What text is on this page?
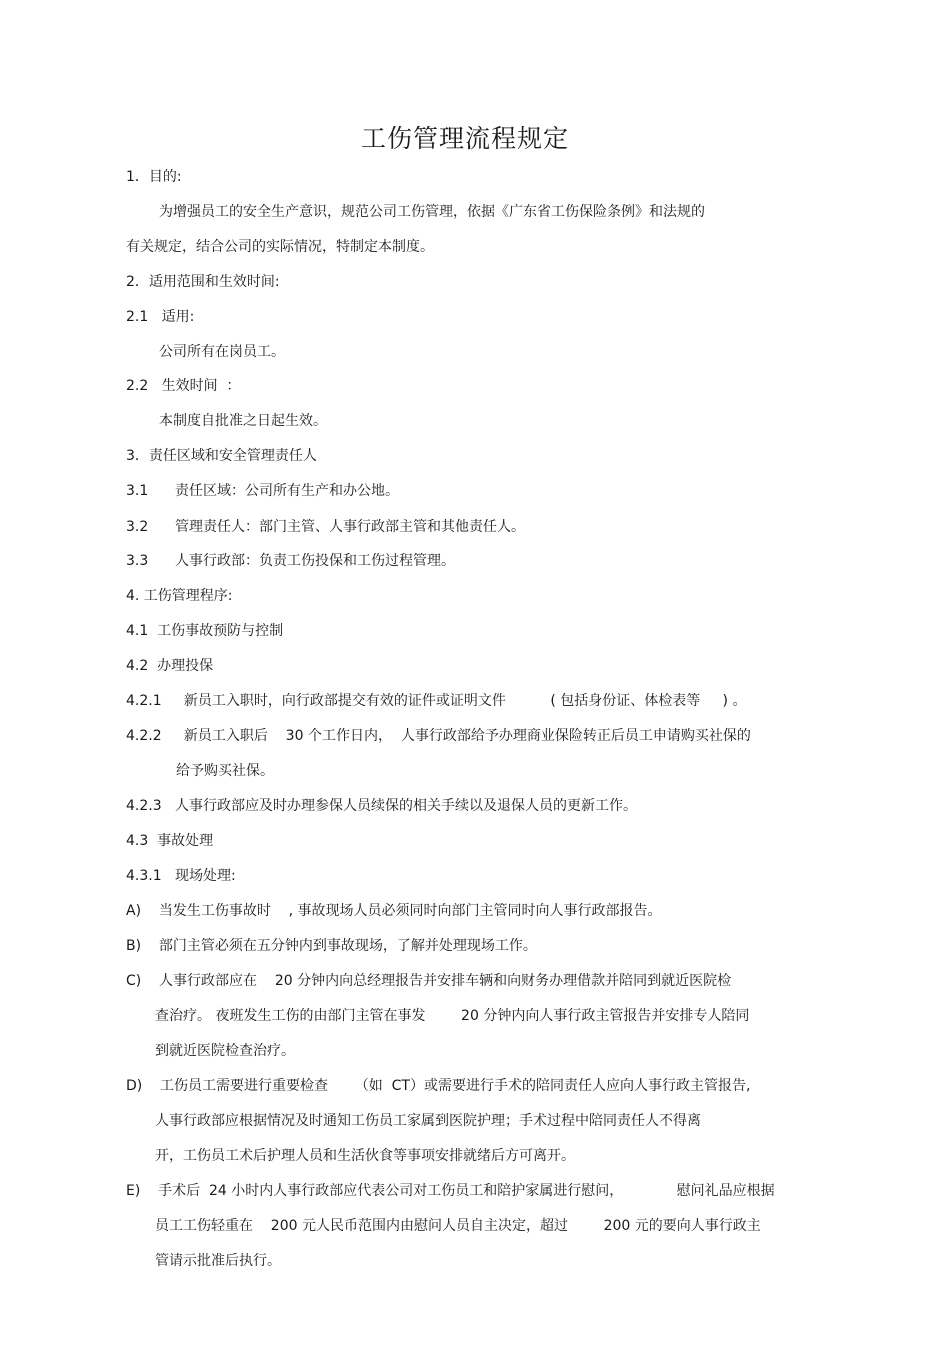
工伤管理流程规定
1．目的:
为增强员工的安全生产意识，规范公司工伤管理，依据《广东省工伤保险条例》和法规的
有关规定，结合公司的实际情况，特制定本制度。
2．适用范围和生效时间:
2.1   适用:
公司所有在岗员工。
2.2   生效时间  ：
本制度自批准之日起生效。
3．责任区域和安全管理责任人
3.1      责任区域：公司所有生产和办公地。
3.2      管理责任人：部门主管、人事行政部主管和其他责任人。
3.3      人事行政部：负责工伤投保和工伤过程管理。
4. 工伤管理程序:
4.1  工伤事故预防与控制
4.2  办理投保
4.2.1     新员工入职时，向行政部提交有效的证件或证明文件          ( 包括身份证、体检表等     ) 。
4.2.2     新员工入职后    30 个工作日内，  人事行政部给予办理商业保险转正后员工申请购买社保的
给予购买社保。
4.2.3   人事行政部应及时办理参保人员续保的相关手续以及退保人员的更新工作。
4.3  事故处理
4.3.1   现场处理:
A)    当发生工伤事故时    , 事故现场人员必须同时向部门主管同时向人事行政部报告。
B)    部门主管必须在五分钟内到事故现场，了解并处理现场工作。
C)    人事行政部应在    20 分钟内向总经理报告并安排车辆和向财务办理借款并陪同到就近医院检
查治疗。 夜班发生工伤的由部门主管在事发        20 分钟内向人事行政主管报告并安排专人陪同
到就近医院检查治疗。
D)    工伤员工需要进行重要检查      （如  CT）或需要进行手术的陪同责任人应向人事行政主管报告,
人事行政部应根据情况及时通知工伤员工家属到医院护理；手术过程中陪同责任人不得离
开，工伤员工术后护理人员和生活伙食等事项安排就绪后方可离开。
E)    手术后  24 小时内人事行政部应代表公司对工伤员工和陪护家属进行慰问，            慰问礼品应根据
员工工伤轻重在    200 元人民币范围内由慰问人员自主决定，超过        200 元的要向人事行政主
管请示批准后执行。
